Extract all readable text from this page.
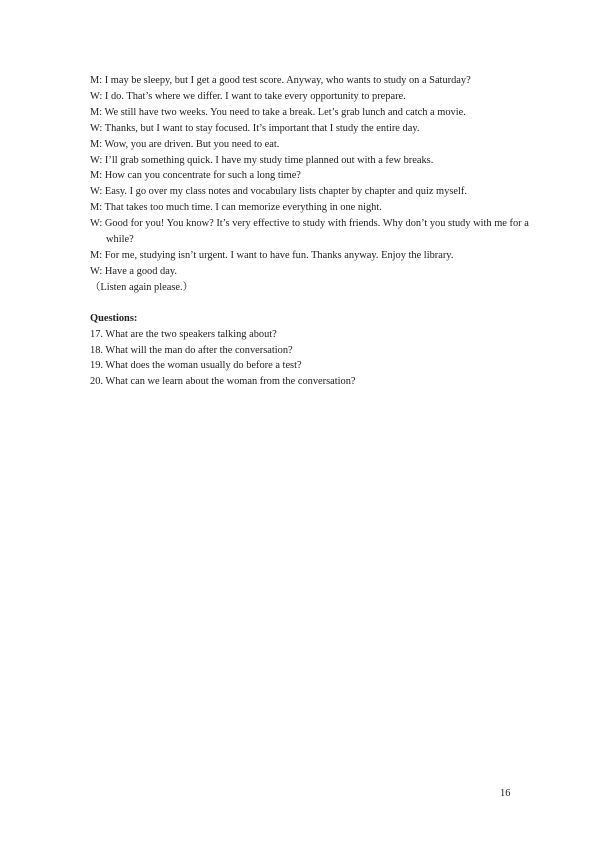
M: I may be sleepy, but I get a good test score. Anyway, who wants to study on a Saturday?
W: I do. That’s where we differ. I want to take every opportunity to prepare.
M: We still have two weeks. You need to take a break. Let’s grab lunch and catch a movie.
W: Thanks, but I want to stay focused. It’s important that I study the entire day.
M: Wow, you are driven. But you need to eat.
W: I’ll grab something quick. I have my study time planned out with a few breaks.
M: How can you concentrate for such a long time?
W: Easy. I go over my class notes and vocabulary lists chapter by chapter and quiz myself.
M: That takes too much time. I can memorize everything in one night.
W: Good for you! You know? It’s very effective to study with friends. Why don’t you study with me for a while?
M: For me, studying isn’t urgent. I want to have fun. Thanks anyway. Enjoy the library.
W: Have a good day.
（Listen again please.）
Questions:
17. What are the two speakers talking about?
18. What will the man do after the conversation?
19. What does the woman usually do before a test?
20. What can we learn about the woman from the conversation?
16
